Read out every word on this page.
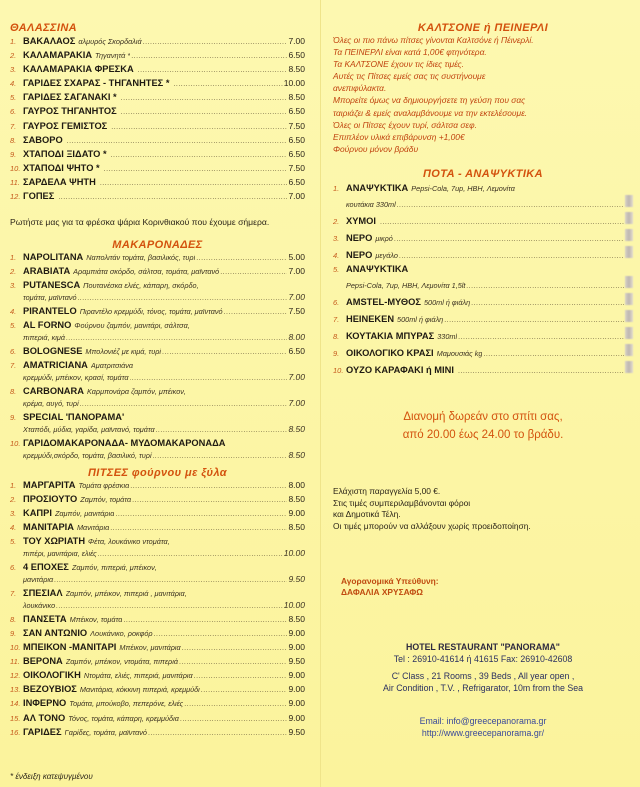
ΘΑΛΑΣΣΙΝΑ
1. ΒΑΚΑΛΑΟΣ αλμυρός Σκορδαλιά .....	7.00
2. ΚΑΛΑΜΑΡΑΚΙΑ Τηγανητά * .....	6.50
3. ΚΑΛΑΜΑΡΑΚΙΑ ΦΡΕΣΚΑ .....	8.50
4. ΓΑΡΙΔΕΣ ΣΧΑΡΑΣ - ΤΗΓΑΝΗΤΕΣ * .....	10.00
5. ΓΑΡΙΔΕΣ ΣΑΓΑΝΑΚΙ * .....	8.50
6. ΓΑΥΡΟΣ ΤΗΓΑΝΗΤΟΣ .....	6.50
7. ΓΑΥΡΟΣ ΓΕΜΙΣΤΟΣ .....	7.50
8. ΣΑΒΟΡΟ .....	6.50
9. ΧΤΑΠΟΔΙ ΞΙΔΑΤΟ * .....	6.50
10. ΧΤΑΠΟΔΙ ΨΗΤΟ * .....	7.50
11. ΣΑΡΔΕΛΑ ΨΗΤΗ .....	6.50
12. ΓΟΠΕΣ .....	7.00
Ρωτήστε μας για τα φρέσκα ψάρια Κορινθιακού που έχουμε σήμερα.
ΜΑΚΑΡΟΝΑΔΕΣ
1. NAPOLITANA Ναπολιτάν τομάτα, βασιλικός, τυρί .....	5.00
2. ARABIATA Αραμπιάτα σκόρδο, σάλτσα, τομάτα, μαϊντανό .....	7.00
3. PUTANESCA Πουτανέσκα ελιές, κάπαρη, σκόρδο,
τομάτα, μαϊντανό .....	7.00
4. PIRANTELO Πιραντέλο κρεμμύδι, τόνος, τομάτα, μαϊντανό .....	7.50
5. AL FORNO Φούρνου ζαμπόν, μανιτάρι, σάλτσα,
πιπεριά, κιμά .....	8.00
6. BOLOGNESE Μπολονιέζ με κιμά, τυρί .....	6.50
7. AMATRICIANA Αματριτσιάνα
κρεμμύδι, μπέικον, κρασί, τομάτα .....	7.00
8. CARBONARA Καρμπονάρα ζαμπόν, μπέικον,
κρέμα, αυγό, τυρί .....	7.00
9. SPECIAL 'ΠΑΝΟΡΑΜΑ'
Χταπόδι, μύδια, γαρίδα, μαϊντανό, τομάτα .....	8.50
10. ΓΑΡΙΔΟΜΑΚΑΡΟΝΑΔΑ- ΜΥΔΟΜΑΚΑΡΟΝΑΔΑ
κρεμμύδι,σκόρδο, τομάτα, βασιλικό, τυρί .....	8.50
ΠΙΤΣΕΣ φούρνου με ξύλα
1. ΜΑΡΓΑΡΙΤΑ Τομάτα φρέσκια .....	8.00
2. ΠΡΟΣΙΟΥΤΟ Ζαμπόν, τομάτα .....	8.50
3. ΚΑΠΡΙ Ζαμπόν, μανιτάρια .....	9.00
4. ΜΑΝΙΤΑΡΙΑ Μανιτάρια .....	8.50
5. ΤΟΥ ΧΩΡΙΑΤΗ Φέτα, λουκάνικο ντομάτα,
πιπέρι, μανιτάρια, ελιές .....	10.00
6. 4 ΕΠΟΧΕΣ Ζαμπόν, πιπεριά, μπέικον,
μανιτάρια .....	9.50
7. ΣΠΕΣΙΑΛ Ζαμπόν, μπέικον, πιπεριά , μανιτάρια,
λουκάνικο .....	10.00
8. ΠΑΝΣΕΤΑ Μπέικον, τομάτα .....	8.50
9. ΣΑΝ ΑΝΤΩΝΙΟ Λουκάνικο, ροκφόρ .....	9.00
10. ΜΠΕΙΚΟΝ -ΜΑΝΙΤΑΡΙ Μπέικον, μανιτάρια .....	9.00
11. ΒΕΡΟΝΑ Ζαμπόν, μπέικον, ντομάτα, πιπεριά .....	9.50
12. ΟΙΚΟΛΟΓΙΚΗ Ντομάτα, ελιές, πιπεριά, μανιτάρια .....	9.00
13. ΒΕΖΟΥΒΙΟΣ Μανιτάρια, κόκκινη πιπεριά, κρεμμύδι .....	9.00
14. ΙΝΦΕΡΝΟ Τομάτα, μπούκοβο, πεπερόνε, ελιές .....	9.00
15. ΑΛ ΤΟΝΟ Τόνος, τομάτα, κάπαρη, κρεμμύδια .....	9.00
16. ΓΑΡΙΔΕΣ Γαρίδες, τομάτα, μαϊντανό .....	9.50
* ένδειξη κατεψυγμένου
ΚΑΛΤΣΟΝΕ ή ΠΕΙΝΕΡΛΙ
Όλες οι πιο πάνω πίτσες γίνονται Καλτσόνε ή Πέινερλί.
Τα ΠΕΙΝΕΡΛΙ είναι κατά 1,00€ φτηνότερα.
Τα ΚΑΛΤΣΟΝΕ έχουν τις ίδιες τιμές.
Αυτές τις Πίτσες εμείς σας τις συστήνουμε
ανεπιφύλακτα.
Μπορείτε όμως να δημιουργήσετε τη γεύση που σας
ταιριάζει & εμείς αναλαμβάνουμε να την εκτελέσουμε.
Όλες οι Πίτσες έχουν τυρί, σάλτσα σεφ.
Επιπλέον υλικά επιβάρυνση +1,00€
Φούρνου μόνον βράδυ
ΠΟΤΑ - ΑΝΑΨΥΚΤΙΚΑ
1. ΑΝΑΨΥΚΤΙΚΑ Pepsi-Cola, 7up, HBH, Λεμονίτα
κουτάκια 330ml
.....
2. ΧΥΜΟΙ
.....
3. ΝΕΡΟ μικρό
.....
4. ΝΕΡΟ μεγάλο
.....
5. ΑΝΑΨΥΚΤΙΚΑ
Pepsi-Cola, 7up, HBH, Λεμονίτα 1,5lt
.....
6. AMSTEL-ΜΥΘΟΣ 500ml ή φιάλη
.....
7. HEINEKEN 500ml ή φιάλη
.....
8. ΚΟΥΤΑΚΙΑ ΜΠΥΡΑΣ 330ml
.....
9. ΟΙΚΟΛΟΓΙΚΟ ΚΡΑΣΙ Μαμουσιάς kg
.....
10. ΟΥΖΟ ΚΑΡΑΦΑΚΙ ή ΜΙΝΙ
.....
Διανομή δωρεάν στο σπίτι σας,
από 20.00 έως 24.00 το βράδυ.
Ελάχιστη παραγγελία 5,00 €.
Στις τιμές συμπεριλαμβάνονται φόροι
και Δημοτικά Τέλη.
Οι τιμές μπορούν να αλλάξουν χωρίς προειδοποίηση.
Αγορανομικά Υπεύθυνη:
ΔΑΦΑΛΙΑ ΧΡΥΣΑΦΩ
HOTEL RESTAURANT "PANORAMA"
Tel : 26910-41614 ή 41615 Fax: 26910-42608
C' Class , 21 Rooms , 39 Beds , All year open ,
Air Condition , T.V. , Refrigarator, 10m from the Sea
Email: info@greecepanorama.gr
http://www.greecepanorama.gr/
